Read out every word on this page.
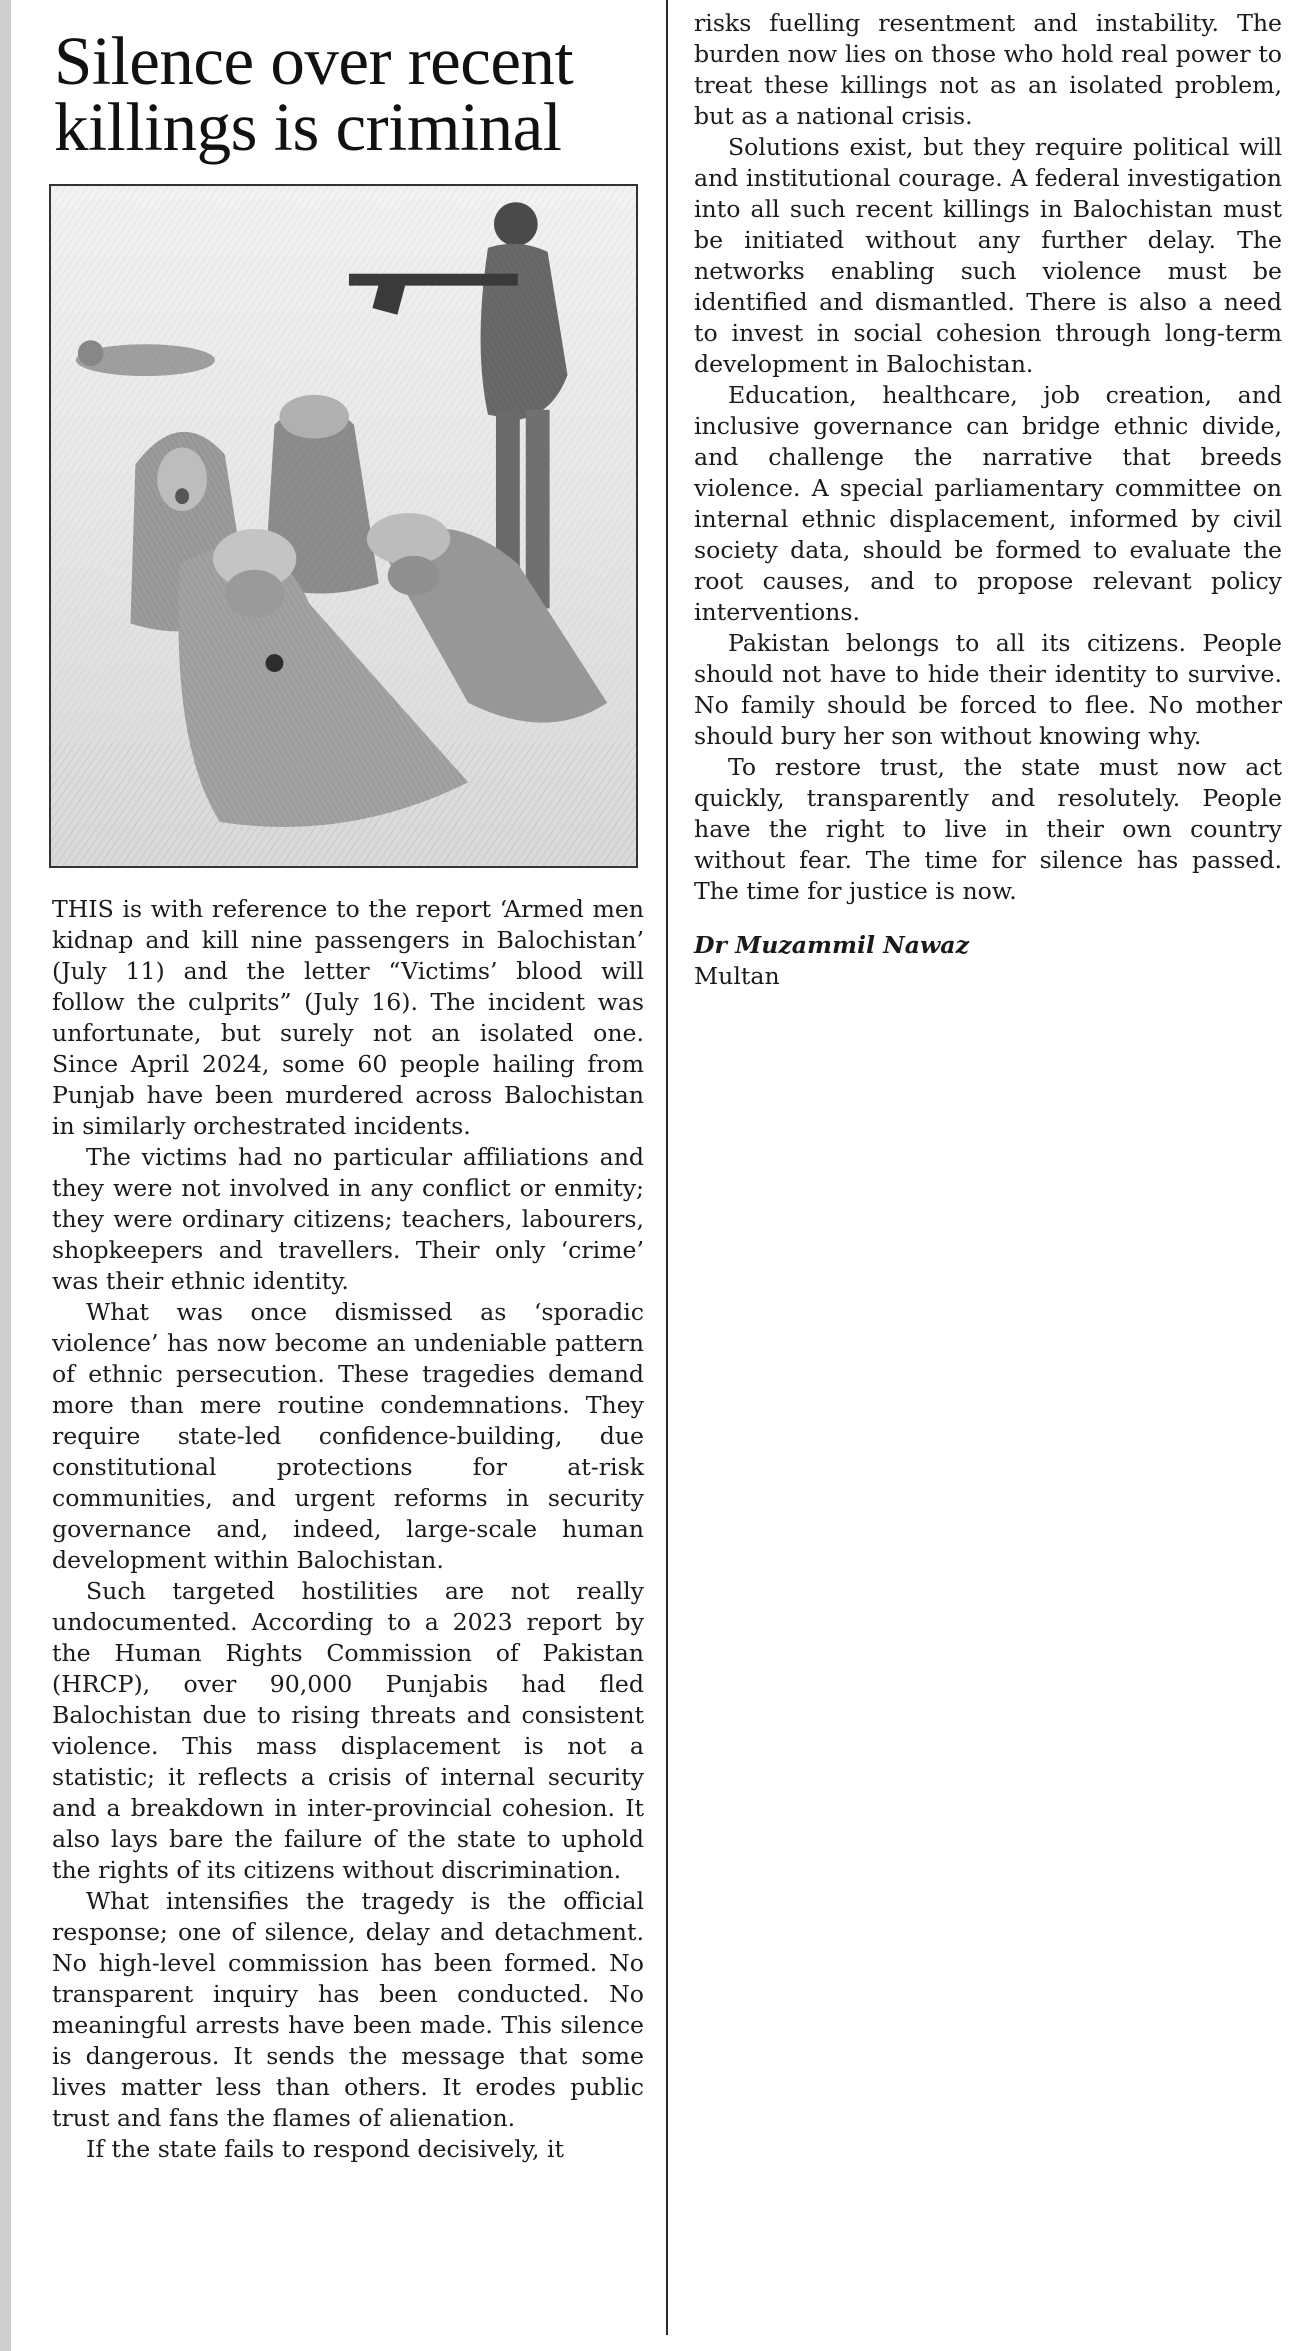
Silence over recent killings is criminal

THIS is with reference to the report ‘Armed men kidnap and kill nine passengers in Balochistan’ (July 11) and the letter “Victims’ blood will follow the culprits” (July 16). The incident was unfortunate, but surely not an isolated one. Since April 2024, some 60 people hailing from Punjab have been murdered across Balochistan in similarly orchestrated incidents.

The victims had no particular affiliations and they were not involved in any conflict or enmity; they were ordinary citizens; teachers, labourers, shopkeepers and travellers. Their only ‘crime’ was their ethnic identity.

What was once dismissed as ‘sporadic violence’ has now become an undeniable pattern of ethnic persecution. These tragedies demand more than mere routine condemnations. They require state-led confidence-building, due constitutional protections for at-risk communities, and urgent reforms in security governance and, indeed, large-scale human development within Balochistan.

Such targeted hostilities are not really undocumented. According to a 2023 report by the Human Rights Commission of Pakistan (HRCP), over 90,000 Punjabis had fled Balochistan due to rising threats and consistent violence. This mass displacement is not a statistic; it reflects a crisis of internal security and a breakdown in inter-provincial cohesion. It also lays bare the failure of the state to uphold the rights of its citizens without discrimination.

What intensifies the tragedy is the official response; one of silence, delay and detachment. No high-level commission has been formed. No transparent inquiry has been conducted. No meaningful arrests have been made. This silence is dangerous. It sends the message that some lives matter less than others. It erodes public trust and fans the flames of alienation.

If the state fails to respond decisively, it

risks fuelling resentment and instability. The burden now lies on those who hold real power to treat these killings not as an isolated problem, but as a national crisis.

Solutions exist, but they require political will and institutional courage. A federal investigation into all such recent killings in Balochistan must be initiated without any further delay. The networks enabling such violence must be identified and dismantled. There is also a need to invest in social cohesion through long-term development in Balochistan.

Education, healthcare, job creation, and inclusive governance can bridge ethnic divide, and challenge the narrative that breeds violence. A special parliamentary committee on internal ethnic displacement, informed by civil society data, should be formed to evaluate the root causes, and to propose relevant policy interventions.

Pakistan belongs to all its citizens. People should not have to hide their identity to survive. No family should be forced to flee. No mother should bury her son without knowing why.

To restore trust, the state must now act quickly, transparently and resolutely. People have the right to live in their own country without fear. The time for silence has passed. The time for justice is now.

Dr Muzammil Nawaz
Multan
